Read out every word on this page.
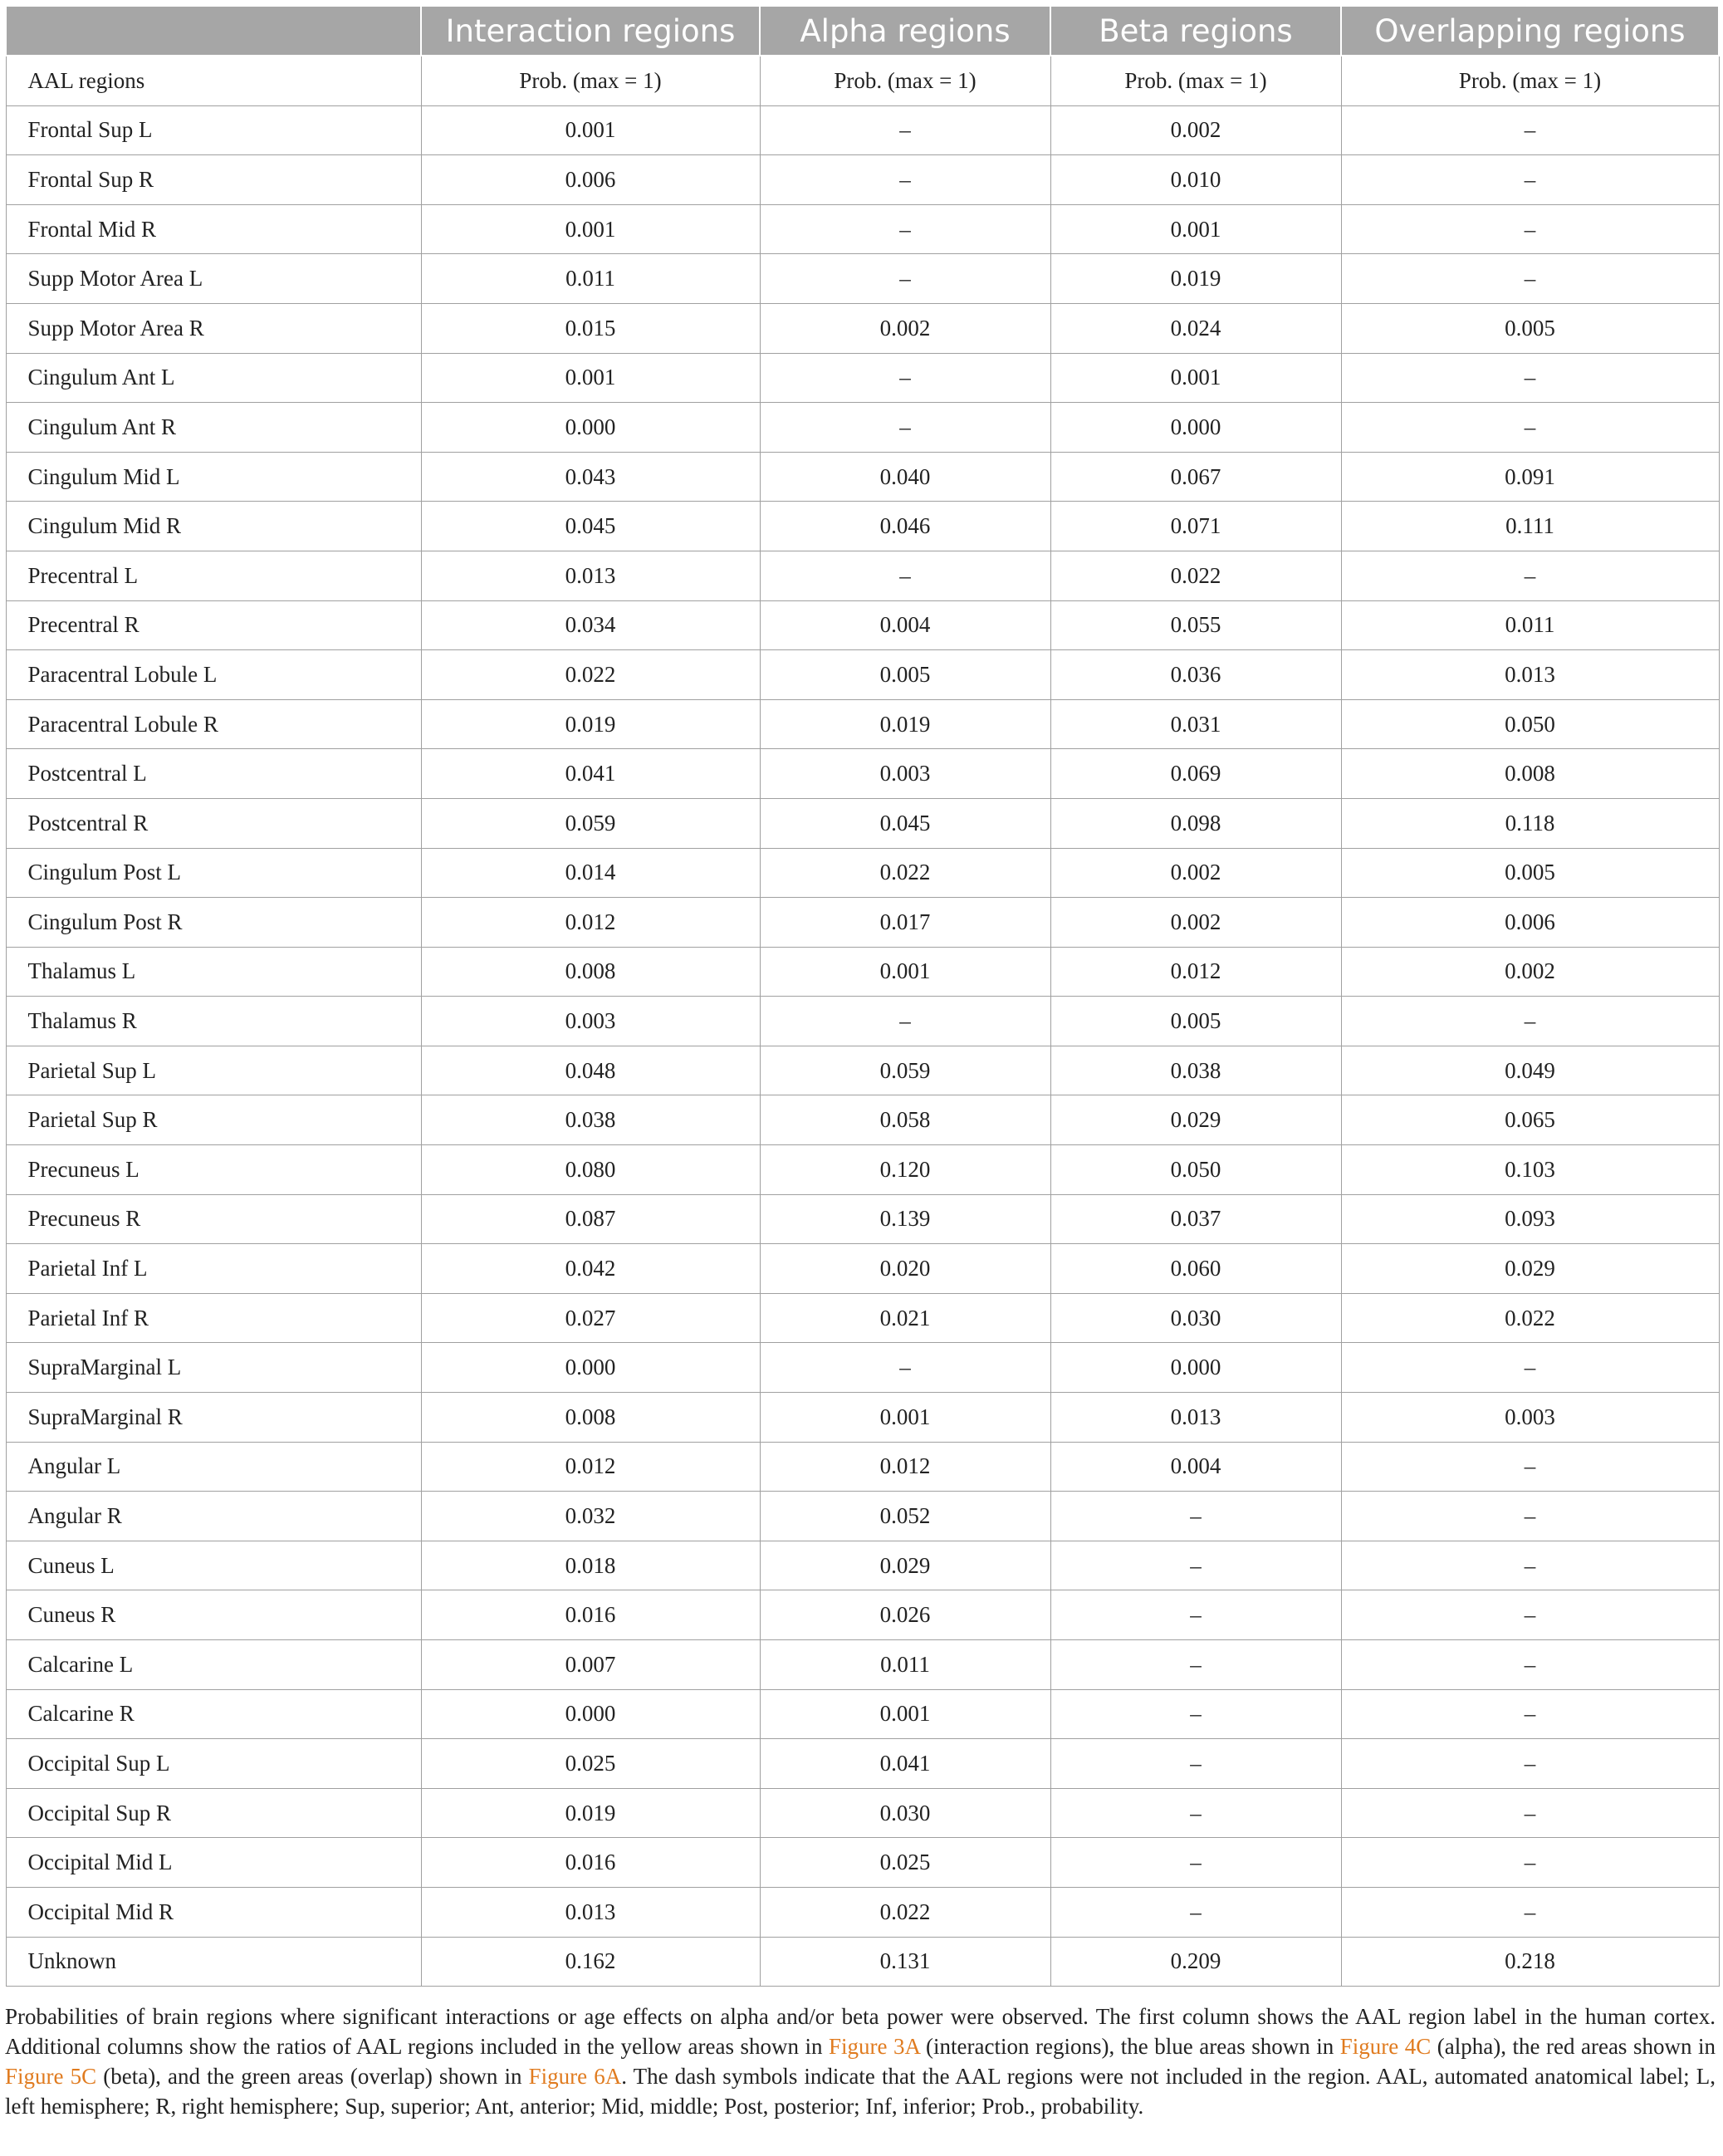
	Interaction regions	Alpha regions	Beta regions	Overlapping regions
AAL regions	Prob. (max = 1)	Prob. (max = 1)	Prob. (max = 1)	Prob. (max = 1)
Frontal Sup L	0.001	–	0.002	–
Frontal Sup R	0.006	–	0.010	–
Frontal Mid R	0.001	–	0.001	–
Supp Motor Area L	0.011	–	0.019	–
Supp Motor Area R	0.015	0.002	0.024	0.005
Cingulum Ant L	0.001	–	0.001	–
Cingulum Ant R	0.000	–	0.000	–
Cingulum Mid L	0.043	0.040	0.067	0.091
Cingulum Mid R	0.045	0.046	0.071	0.111
Precentral L	0.013	–	0.022	–
Precentral R	0.034	0.004	0.055	0.011
Paracentral Lobule L	0.022	0.005	0.036	0.013
Paracentral Lobule R	0.019	0.019	0.031	0.050
Postcentral L	0.041	0.003	0.069	0.008
Postcentral R	0.059	0.045	0.098	0.118
Cingulum Post L	0.014	0.022	0.002	0.005
Cingulum Post R	0.012	0.017	0.002	0.006
Thalamus L	0.008	0.001	0.012	0.002
Thalamus R	0.003	–	0.005	–
Parietal Sup L	0.048	0.059	0.038	0.049
Parietal Sup R	0.038	0.058	0.029	0.065
Precuneus L	0.080	0.120	0.050	0.103
Precuneus R	0.087	0.139	0.037	0.093
Parietal Inf L	0.042	0.020	0.060	0.029
Parietal Inf R	0.027	0.021	0.030	0.022
SupraMarginal L	0.000	–	0.000	–
SupraMarginal R	0.008	0.001	0.013	0.003
Angular L	0.012	0.012	0.004	–
Angular R	0.032	0.052	–	–
Cuneus L	0.018	0.029	–	–
Cuneus R	0.016	0.026	–	–
Calcarine L	0.007	0.011	–	–
Calcarine R	0.000	0.001	–	–
Occipital Sup L	0.025	0.041	–	–
Occipital Sup R	0.019	0.030	–	–
Occipital Mid L	0.016	0.025	–	–
Occipital Mid R	0.013	0.022	–	–
Unknown	0.162	0.131	0.209	0.218
Probabilities of brain regions where significant interactions or age effects on alpha and/or beta power were observed. The first column shows the AAL region label in the human cortex. Additional columns show the ratios of AAL regions included in the yellow areas shown in Figure 3A (interaction regions), the blue areas shown in Figure 4C (alpha), the red areas shown in Figure 5C (beta), and the green areas (overlap) shown in Figure 6A. The dash symbols indicate that the AAL regions were not included in the region. AAL, automated anatomical label; L, left hemisphere; R, right hemisphere; Sup, superior; Ant, anterior; Mid, middle; Post, posterior; Inf, inferior; Prob., probability.
